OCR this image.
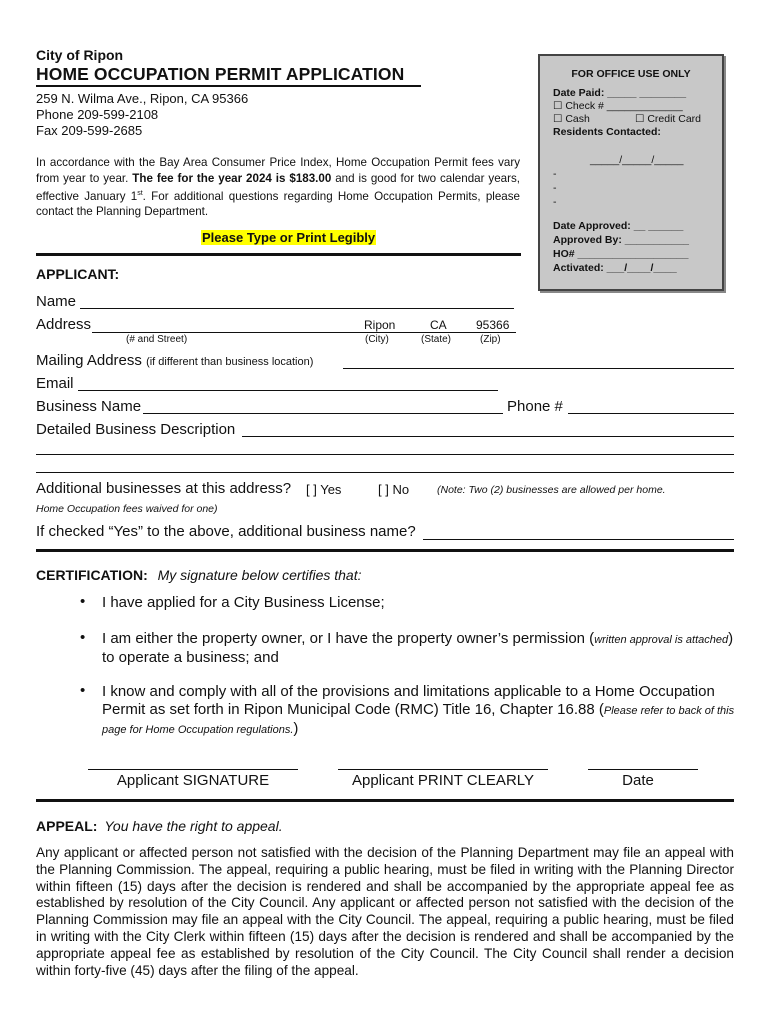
City of Ripon
HOME OCCUPATION PERMIT APPLICATION
259 N. Wilma Ave., Ripon, CA 95366
Phone 209-599-2108
Fax 209-599-2685
In accordance with the Bay Area Consumer Price Index, Home Occupation Permit fees vary from year to year. The fee for the year 2024 is $183.00 and is good for two calendar years, effective January 1st. For additional questions regarding Home Occupation Permits, please contact the Planning Department.
Please Type or Print Legibly
FOR OFFICE USE ONLY
Date Paid: _____ ________
☐ Check # _____________
☐ Cash	☐ Credit Card
Residents Contacted:
_____/_____/_____
-
-
-
Date Approved: __ ______
Approved By: ___________
HO# ___________________
Activated: ___/____/____
APPLICANT:
Name
Address	Ripon	CA 95366
(# and Street)	(City)	(State)	(Zip)
Mailing Address (if different than business location)
Email
Business Name	Phone #
Detailed Business Description
Additional businesses at this address? [ ] Yes	[ ] No	(Note: Two (2) businesses are allowed per home.
Home Occupation fees waived for one)
If checked “Yes” to the above, additional business name?
CERTIFICATION: My signature below certifies that:
• I have applied for a City Business License;
• I am either the property owner, or I have the property owner’s permission (written approval is attached) to operate a business; and
• I know and comply with all of the provisions and limitations applicable to a Home Occupation Permit as set forth in Ripon Municipal Code (RMC) Title 16, Chapter 16.88 (Please refer to back of this page for Home Occupation regulations.)
Applicant SIGNATURE	Applicant PRINT CLEARLY	Date
APPEAL: You have the right to appeal.
Any applicant or affected person not satisfied with the decision of the Planning Department may file an appeal with the Planning Commission. The appeal, requiring a public hearing, must be filed in writing with the Planning Director within fifteen (15) days after the decision is rendered and shall be accompanied by the appropriate appeal fee as established by resolution of the City Council. Any applicant or affected person not satisfied with the decision of the Planning Commission may file an appeal with the City Council. The appeal, requiring a public hearing, must be filed in writing with the City Clerk within fifteen (15) days after the decision is rendered and shall be accompanied by the appropriate appeal fee as established by resolution of the City Council. The City Council shall render a decision within forty-five (45) days after the filing of the appeal.
